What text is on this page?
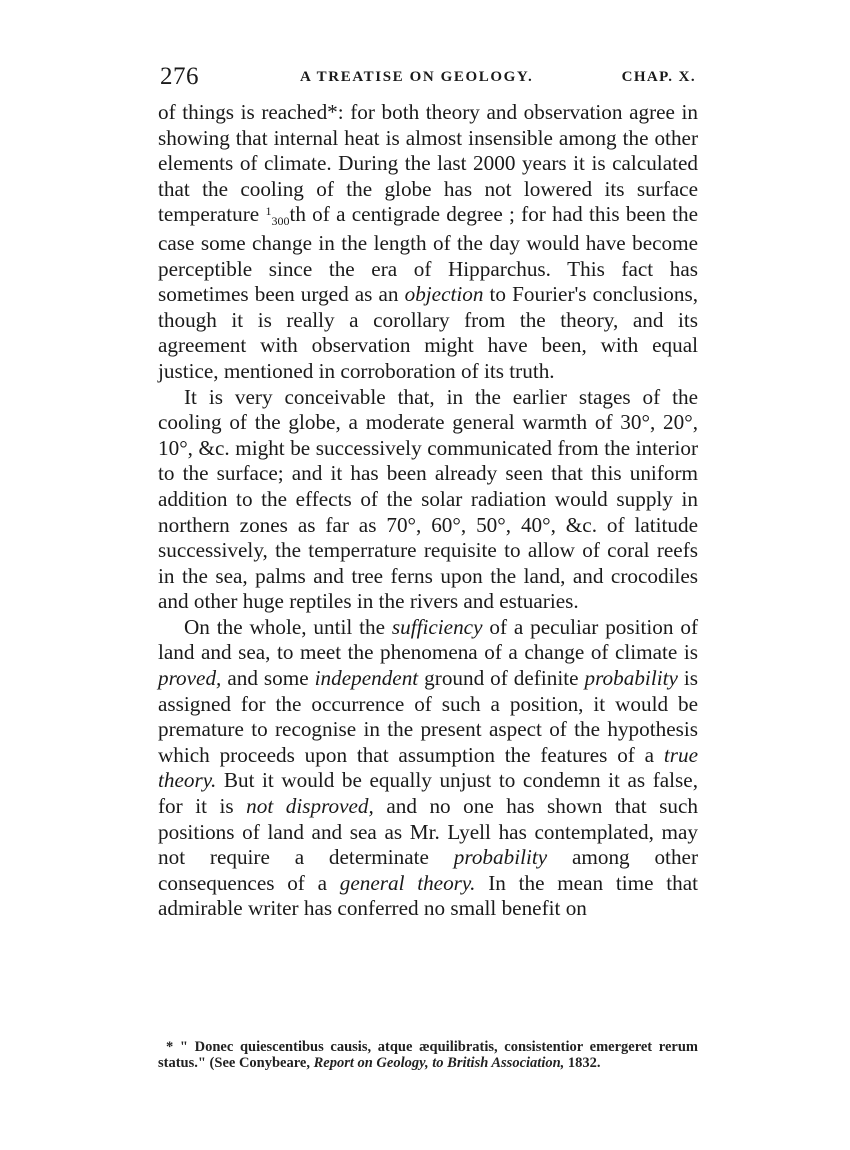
276	A TREATISE ON GEOLOGY.	CHAP. X.

of things is reached*: for both theory and observation agree in showing that internal heat is almost insensible among the other elements of climate. During the last 2000 years it is calculated that the cooling of the globe has not lowered its surface temperature 1300th of a centigrade degree ; for had this been the case some change in the length of the day would have become perceptible since the era of Hipparchus. This fact has sometimes been urged as an objection to Fourier's conclusions, though it is really a corollary from the theory, and its agreement with observation might have been, with equal justice, mentioned in corroboration of its truth.

It is very conceivable that, in the earlier stages of the cooling of the globe, a moderate general warmth of 30°, 20°, 10°, &c. might be successively communicated from the interior to the surface; and it has been already seen that this uniform addition to the effects of the solar radiation would supply in northern zones as far as 70°, 60°, 50°, 40°, &c. of latitude successively, the temperrature requisite to allow of coral reefs in the sea, palms and tree ferns upon the land, and crocodiles and other huge reptiles in the rivers and estuaries.

On the whole, until the sufficiency of a peculiar position of land and sea, to meet the phenomena of a change of climate is proved, and some independent ground of definite probability is assigned for the occurrence of such a position, it would be premature to recognise in the present aspect of the hypothesis which proceeds upon that assumption the features of a true theory. But it would be equally unjust to condemn it as false, for it is not disproved, and no one has shown that such positions of land and sea as Mr. Lyell has contemplated, may not require a determinate probability among other consequences of a general theory. In the mean time that admirable writer has conferred no small benefit on

* " Donec quiescentibus causis, atque æquilibratis, consistentior emergeret rerum status." (See Conybeare, Report on Geology, to British Association, 1832.
